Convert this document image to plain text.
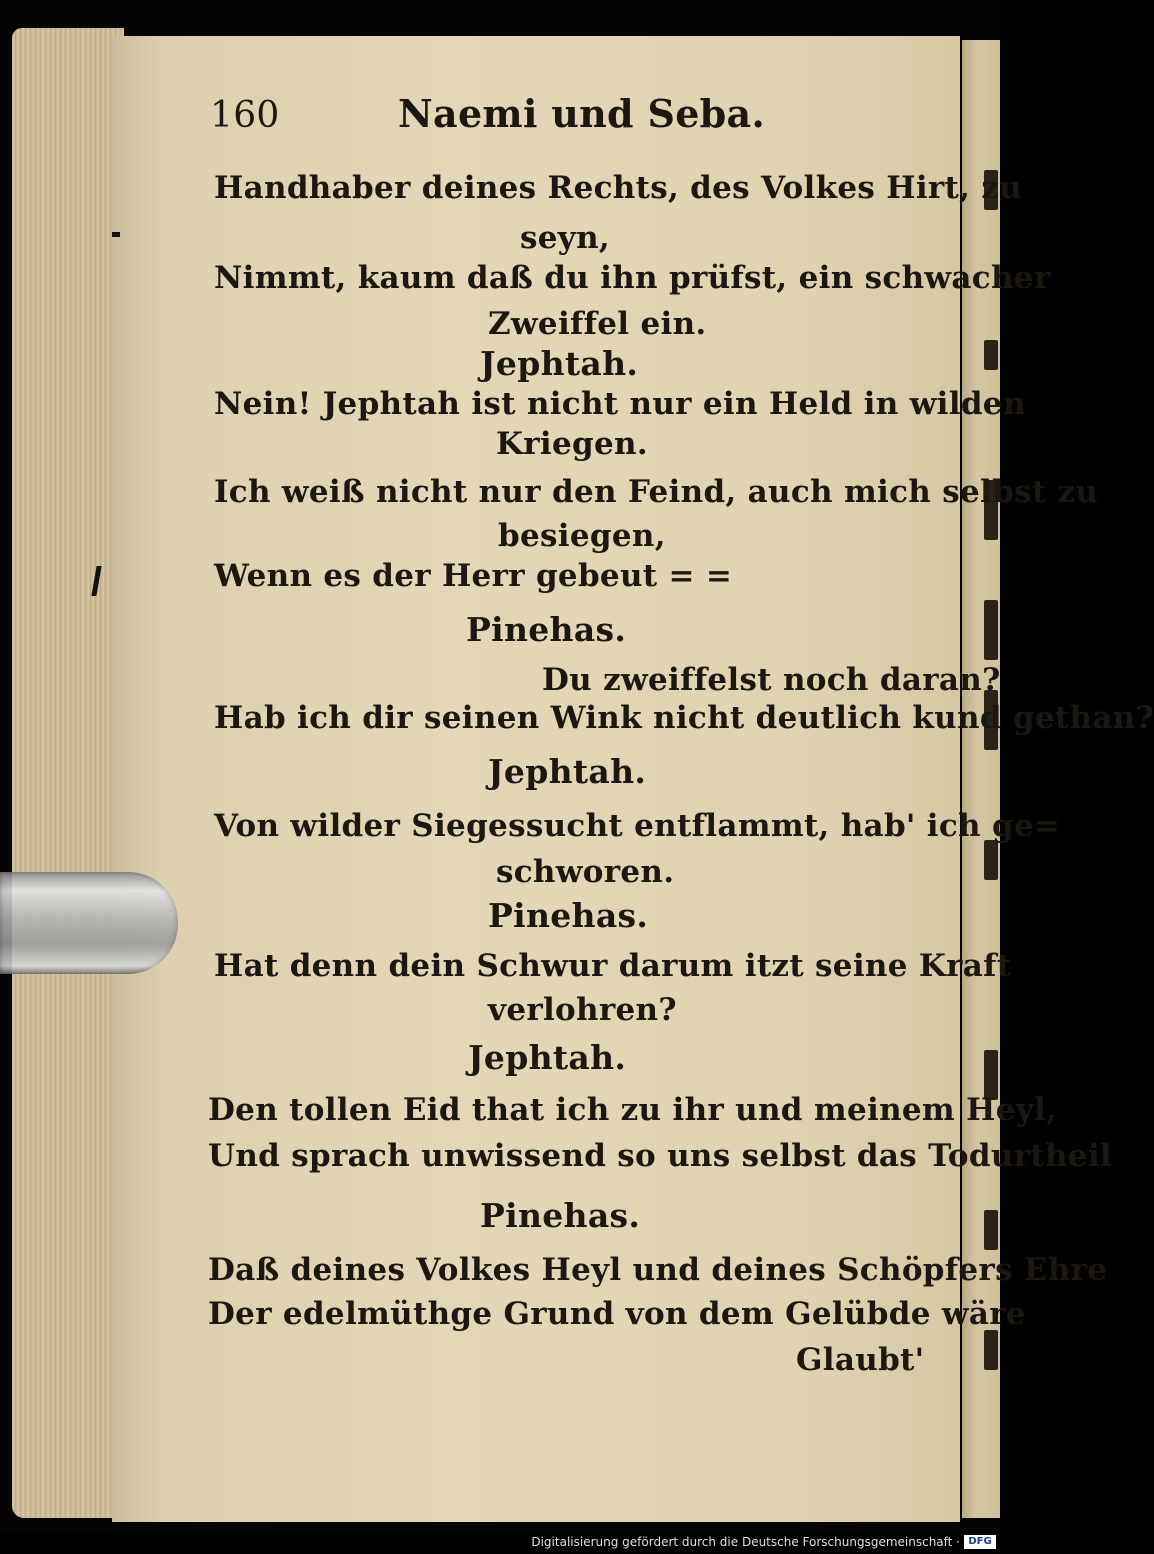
160	Naemi und Seba.
Handhaber deines Rechts, des Volkes Hirt, zu
seyn,
Nimmt, kaum daß du ihn prüfst, ein schwacher
Zweiffel ein.
Jephtah.
Nein! Jephtah ist nicht nur ein Held in wilden
Kriegen.
Ich weiß nicht nur den Feind, auch mich selbst zu
besiegen,
Wenn es der Herr gebeut = =
Pinehas.
Du zweiffelst noch daran?
Hab ich dir seinen Wink nicht deutlich kund gethan?
Jephtah.
Von wilder Siegessucht entflammt, hab' ich ge=
schworen.
Pinehas.
Hat denn dein Schwur darum itzt seine Kraft
verlohren?
Jephtah.
Den tollen Eid that ich zu ihr und meinem Heyl,
Und sprach unwissend so uns selbst das Todurtheil
Pinehas.
Daß deines Volkes Heyl und deines Schöpfers Ehre
Der edelmüthge Grund von dem Gelübde wäre
Glaubt'
Digitalisierung gefördert durch die Deutsche Forschungsgemeinschaft · DFG
